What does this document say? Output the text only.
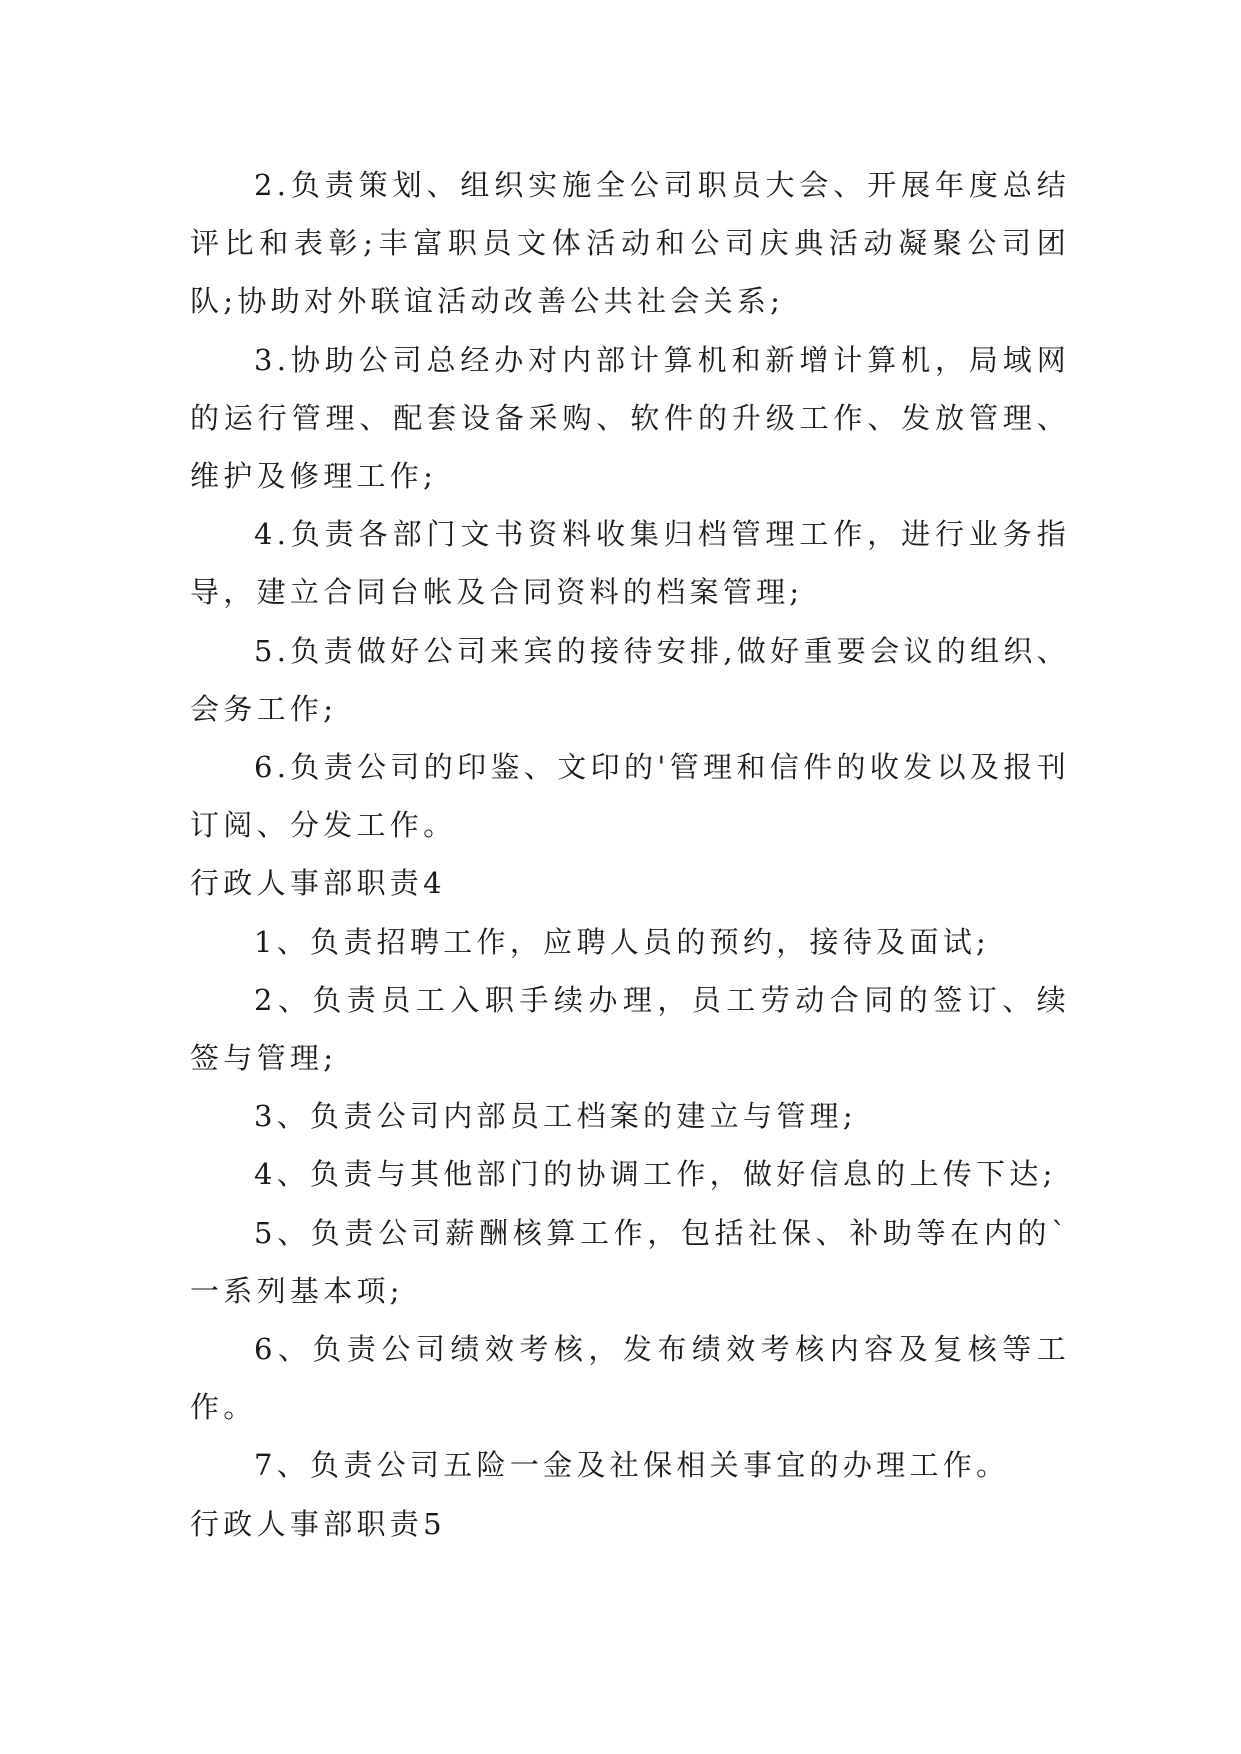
2.负责策划、组织实施全公司职员大会、开展年度总结评比和表彰;丰富职员文体活动和公司庆典活动凝聚公司团队;协助对外联谊活动改善公共社会关系;

3.协助公司总经办对内部计算机和新增计算机，局域网的运行管理、配套设备采购、软件的升级工作、发放管理、维护及修理工作;

4.负责各部门文书资料收集归档管理工作，进行业务指导，建立合同台帐及合同资料的档案管理;

5.负责做好公司来宾的接待安排,做好重要会议的组织、会务工作;

6.负责公司的印鉴、文印的'管理和信件的收发以及报刊订阅、分发工作。

行政人事部职责4

1、负责招聘工作，应聘人员的预约，接待及面试;

2、负责员工入职手续办理，员工劳动合同的签订、续签与管理;

3、负责公司内部员工档案的建立与管理;

4、负责与其他部门的协调工作，做好信息的上传下达;

5、负责公司薪酬核算工作，包括社保、补助等在内的`一系列基本项;

6、负责公司绩效考核，发布绩效考核内容及复核等工作。

7、负责公司五险一金及社保相关事宜的办理工作。

行政人事部职责5
